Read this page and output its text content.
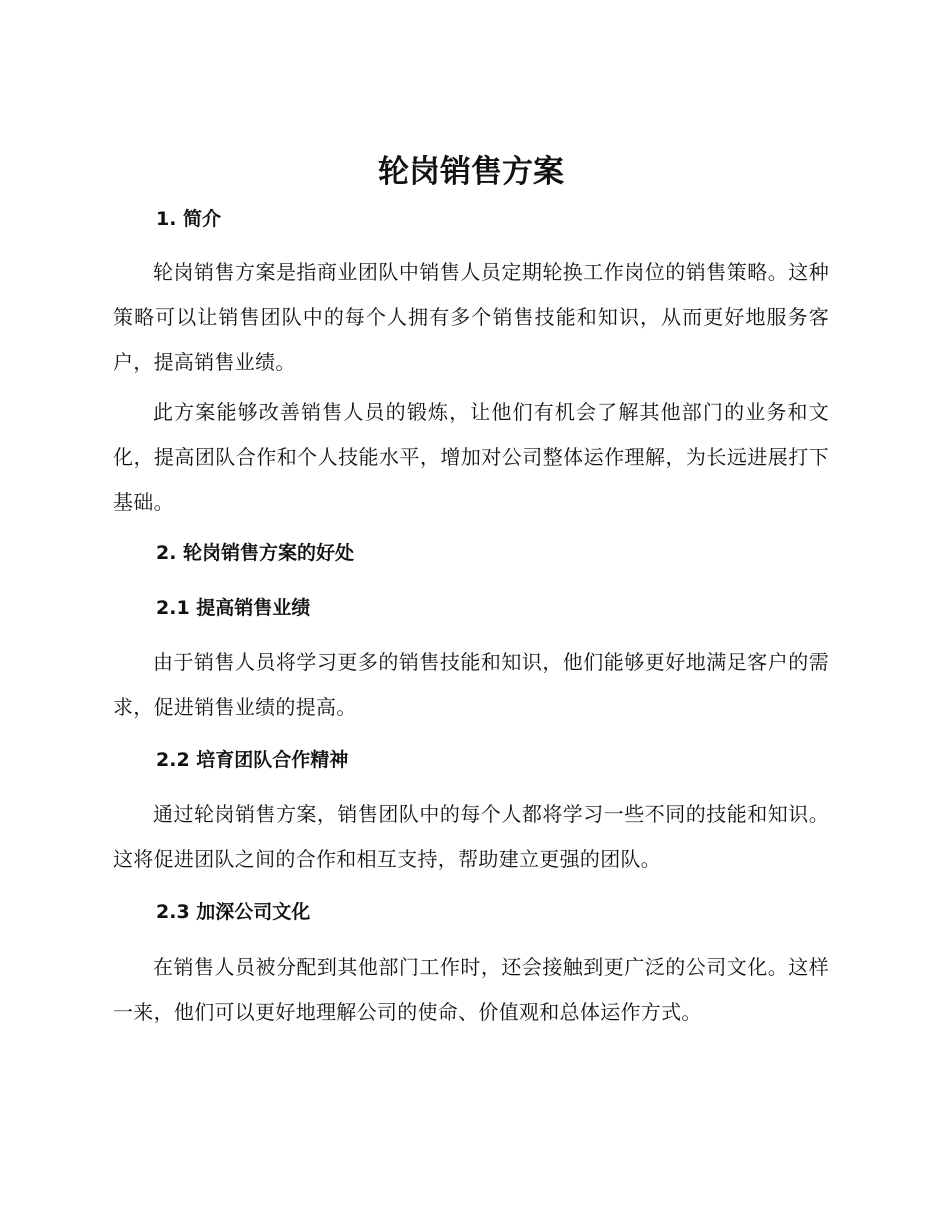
轮岗销售方案
1. 简介

轮岗销售方案是指商业团队中销售人员定期轮换工作岗位的销售策略。这种策略可以让销售团队中的每个人拥有多个销售技能和知识，从而更好地服务客户，提高销售业绩。

此方案能够改善销售人员的锻炼，让他们有机会了解其他部门的业务和文化，提高团队合作和个人技能水平，增加对公司整体运作理解，为长远进展打下基础。

2. 轮岗销售方案的好处
2.1 提高销售业绩

由于销售人员将学习更多的销售技能和知识，他们能够更好地满足客户的需求，促进销售业绩的提高。

2.2 培育团队合作精神

通过轮岗销售方案，销售团队中的每个人都将学习一些不同的技能和知识。这将促进团队之间的合作和相互支持，帮助建立更强的团队。

2.3 加深公司文化

在销售人员被分配到其他部门工作时，还会接触到更广泛的公司文化。这样一来，他们可以更好地理解公司的使命、价值观和总体运作方式。
